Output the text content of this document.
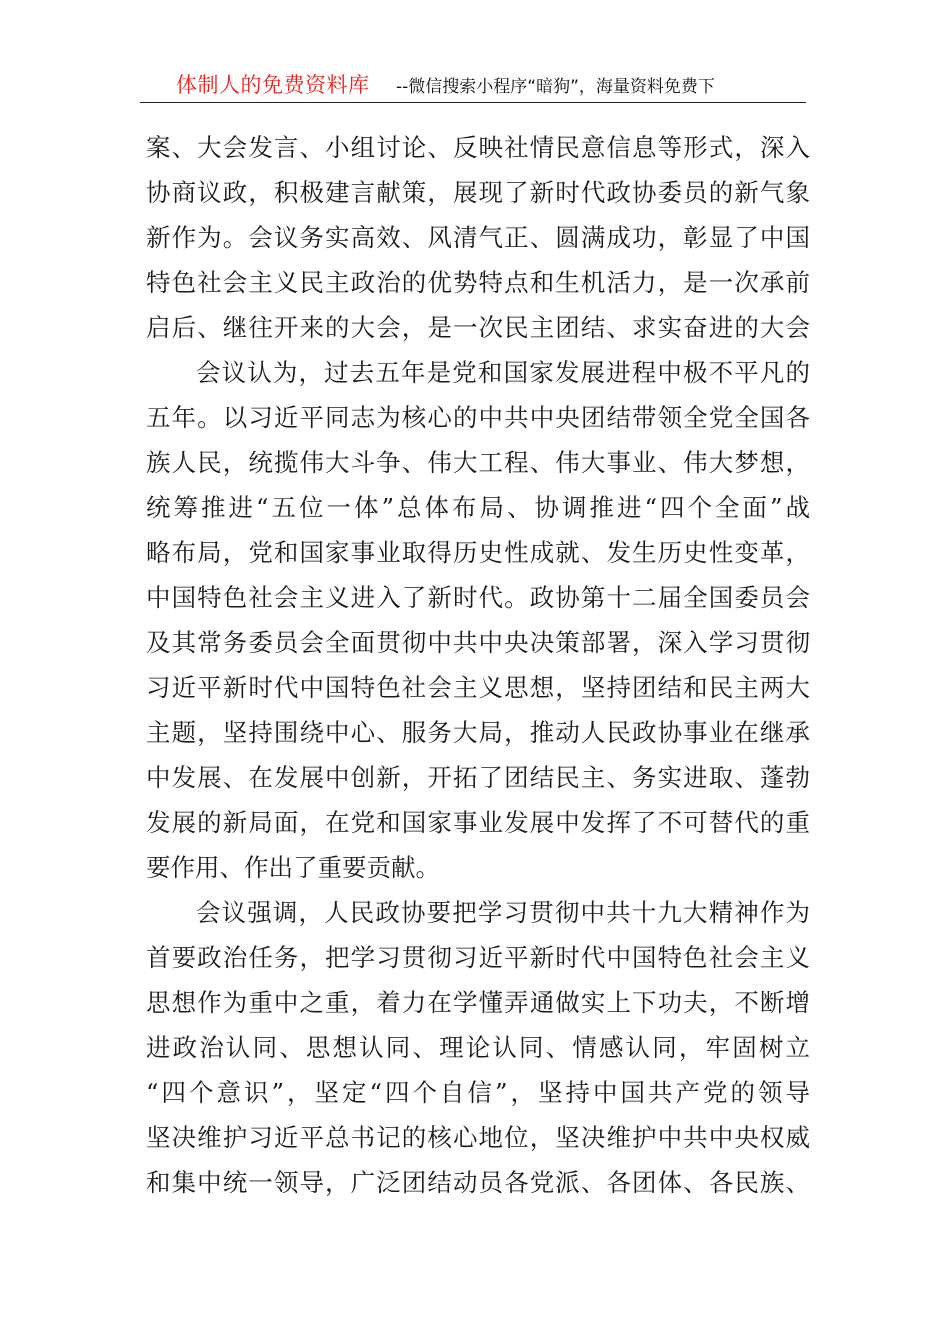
体制人的免费资料库 --微信搜索小程序“暗狗”，海量资料免费下
案、大会发言、小组讨论、反映社情民意信息等形式，深入
协商议政，积极建言献策，展现了新时代政协委员的新气象
新作为。会议务实高效、风清气正、圆满成功，彰显了中国
特色社会主义民主政治的优势特点和生机活力，是一次承前
启后、继往开来的大会，是一次民主团结、求实奋进的大会
会议认为，过去五年是党和国家发展进程中极不平凡的
五年。以习近平同志为核心的中共中央团结带领全党全国各
族人民，统揽伟大斗争、伟大工程、伟大事业、伟大梦想，
统筹推进“五位一体”总体布局、协调推进“四个全面”战
略布局，党和国家事业取得历史性成就、发生历史性变革，
中国特色社会主义进入了新时代。政协第十二届全国委员会
及其常务委员会全面贯彻中共中央决策部署，深入学习贯彻
习近平新时代中国特色社会主义思想，坚持团结和民主两大
主题，坚持围绕中心、服务大局，推动人民政协事业在继承
中发展、在发展中创新，开拓了团结民主、务实进取、蓬勃
发展的新局面，在党和国家事业发展中发挥了不可替代的重
要作用、作出了重要贡献。
会议强调，人民政协要把学习贯彻中共十九大精神作为
首要政治任务，把学习贯彻习近平新时代中国特色社会主义
思想作为重中之重，着力在学懂弄通做实上下功夫，不断增
进政治认同、思想认同、理论认同、情感认同，牢固树立
“四个意识”，坚定“四个自信”，坚持中国共产党的领导
坚决维护习近平总书记的核心地位，坚决维护中共中央权威
和集中统一领导，广泛团结动员各党派、各团体、各民族、
